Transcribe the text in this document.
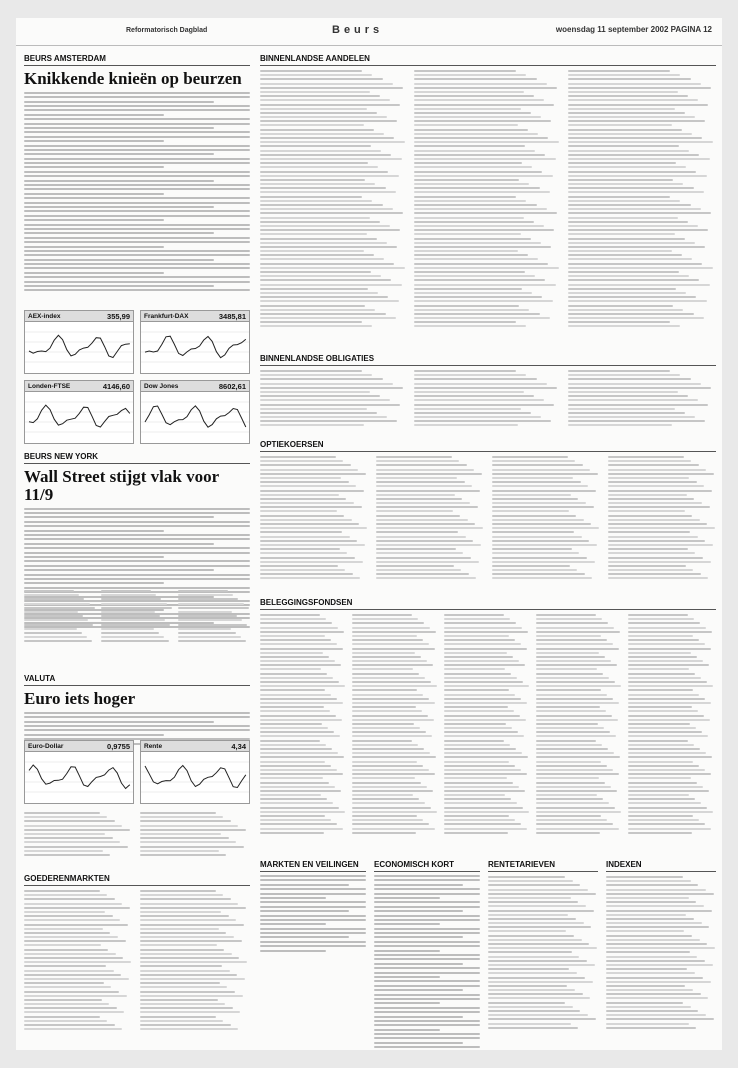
Reformatorisch Dagblad	Beurs	woensdag 11 september 2002 PAGINA 12
BEURS AMSTERDAM
Knikkende knieën op beurzen
AEX-index	355,99 Frankfurt-DAX	3485,81
Londen-FTSE	4146,60 Dow Jones	8602,61
BEURS NEW YORK
Wall Street stijgt vlak voor 11/9
VALUTA
Euro iets hoger
Euro-Dollar	0,9755 Rente	4,34
GOEDERENMARKTEN
BINNENLANDSE AANDELEN
BINNENLANDSE OBLIGATIES
OPTIEKOERSEN
BELEGGINGSFONDSEN
MARKTEN EN VEILINGEN	ECONOMISCH KORT	RENTETARIEVEN	INDEXEN
